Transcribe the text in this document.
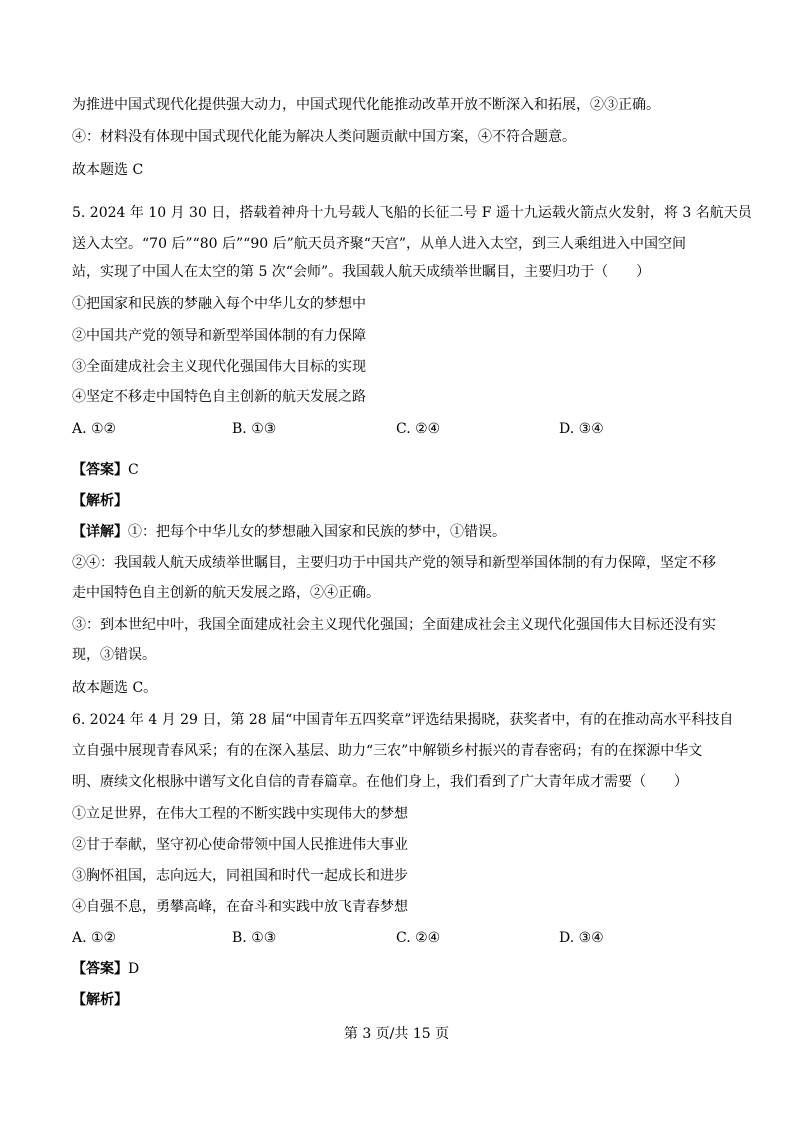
为推进中国式现代化提供强大动力，中国式现代化能推动改革开放不断深入和拓展，②③正确。
④：材料没有体现中国式现代化能为解决人类问题贡献中国方案，④不符合题意。
故本题选 C
5. 2024 年 10 月 30 日，搭载着神舟十九号载人飞船的长征二号 F 遥十九运载火箭点火发射，将 3 名航天员
送入太空。“70 后”“80 后”“90 后”航天员齐聚“天宫”，从单人进入太空，到三人乘组进入中国空间
站，实现了中国人在太空的第 5 次“会师”。我国载人航天成绩举世瞩目，主要归功于（　　）
①把国家和民族的梦融入每个中华儿女的梦想中
②中国共产党的领导和新型举国体制的有力保障
③全面建成社会主义现代化强国伟大目标的实现
④坚定不移走中国特色自主创新的航天发展之路
A. ①②	B. ①③	C. ②④	D. ③④
【答案】C
【解析】
【详解】①：把每个中华儿女的梦想融入国家和民族的梦中，①错误。
②④：我国载人航天成绩举世瞩目，主要归功于中国共产党的领导和新型举国体制的有力保障，坚定不移
走中国特色自主创新的航天发展之路，②④正确。
③：到本世纪中叶，我国全面建成社会主义现代化强国；全面建成社会主义现代化强国伟大目标还没有实
现，③错误。
故本题选 C。
6. 2024 年 4 月 29 日，第 28 届“中国青年五四奖章”评选结果揭晓，获奖者中，有的在推动高水平科技自
立自强中展现青春风采；有的在深入基层、助力“三农”中解锁乡村振兴的青春密码；有的在探源中华文
明、赓续文化根脉中谱写文化自信的青春篇章。在他们身上，我们看到了广大青年成才需要（　　）
①立足世界，在伟大工程的不断实践中实现伟大的梦想
②甘于奉献，坚守初心使命带领中国人民推进伟大事业
③胸怀祖国，志向远大，同祖国和时代一起成长和进步
④自强不息，勇攀高峰，在奋斗和实践中放飞青春梦想
A. ①②	B. ①③	C. ②④	D. ③④
【答案】D
【解析】
第 3 页/共 15 页
